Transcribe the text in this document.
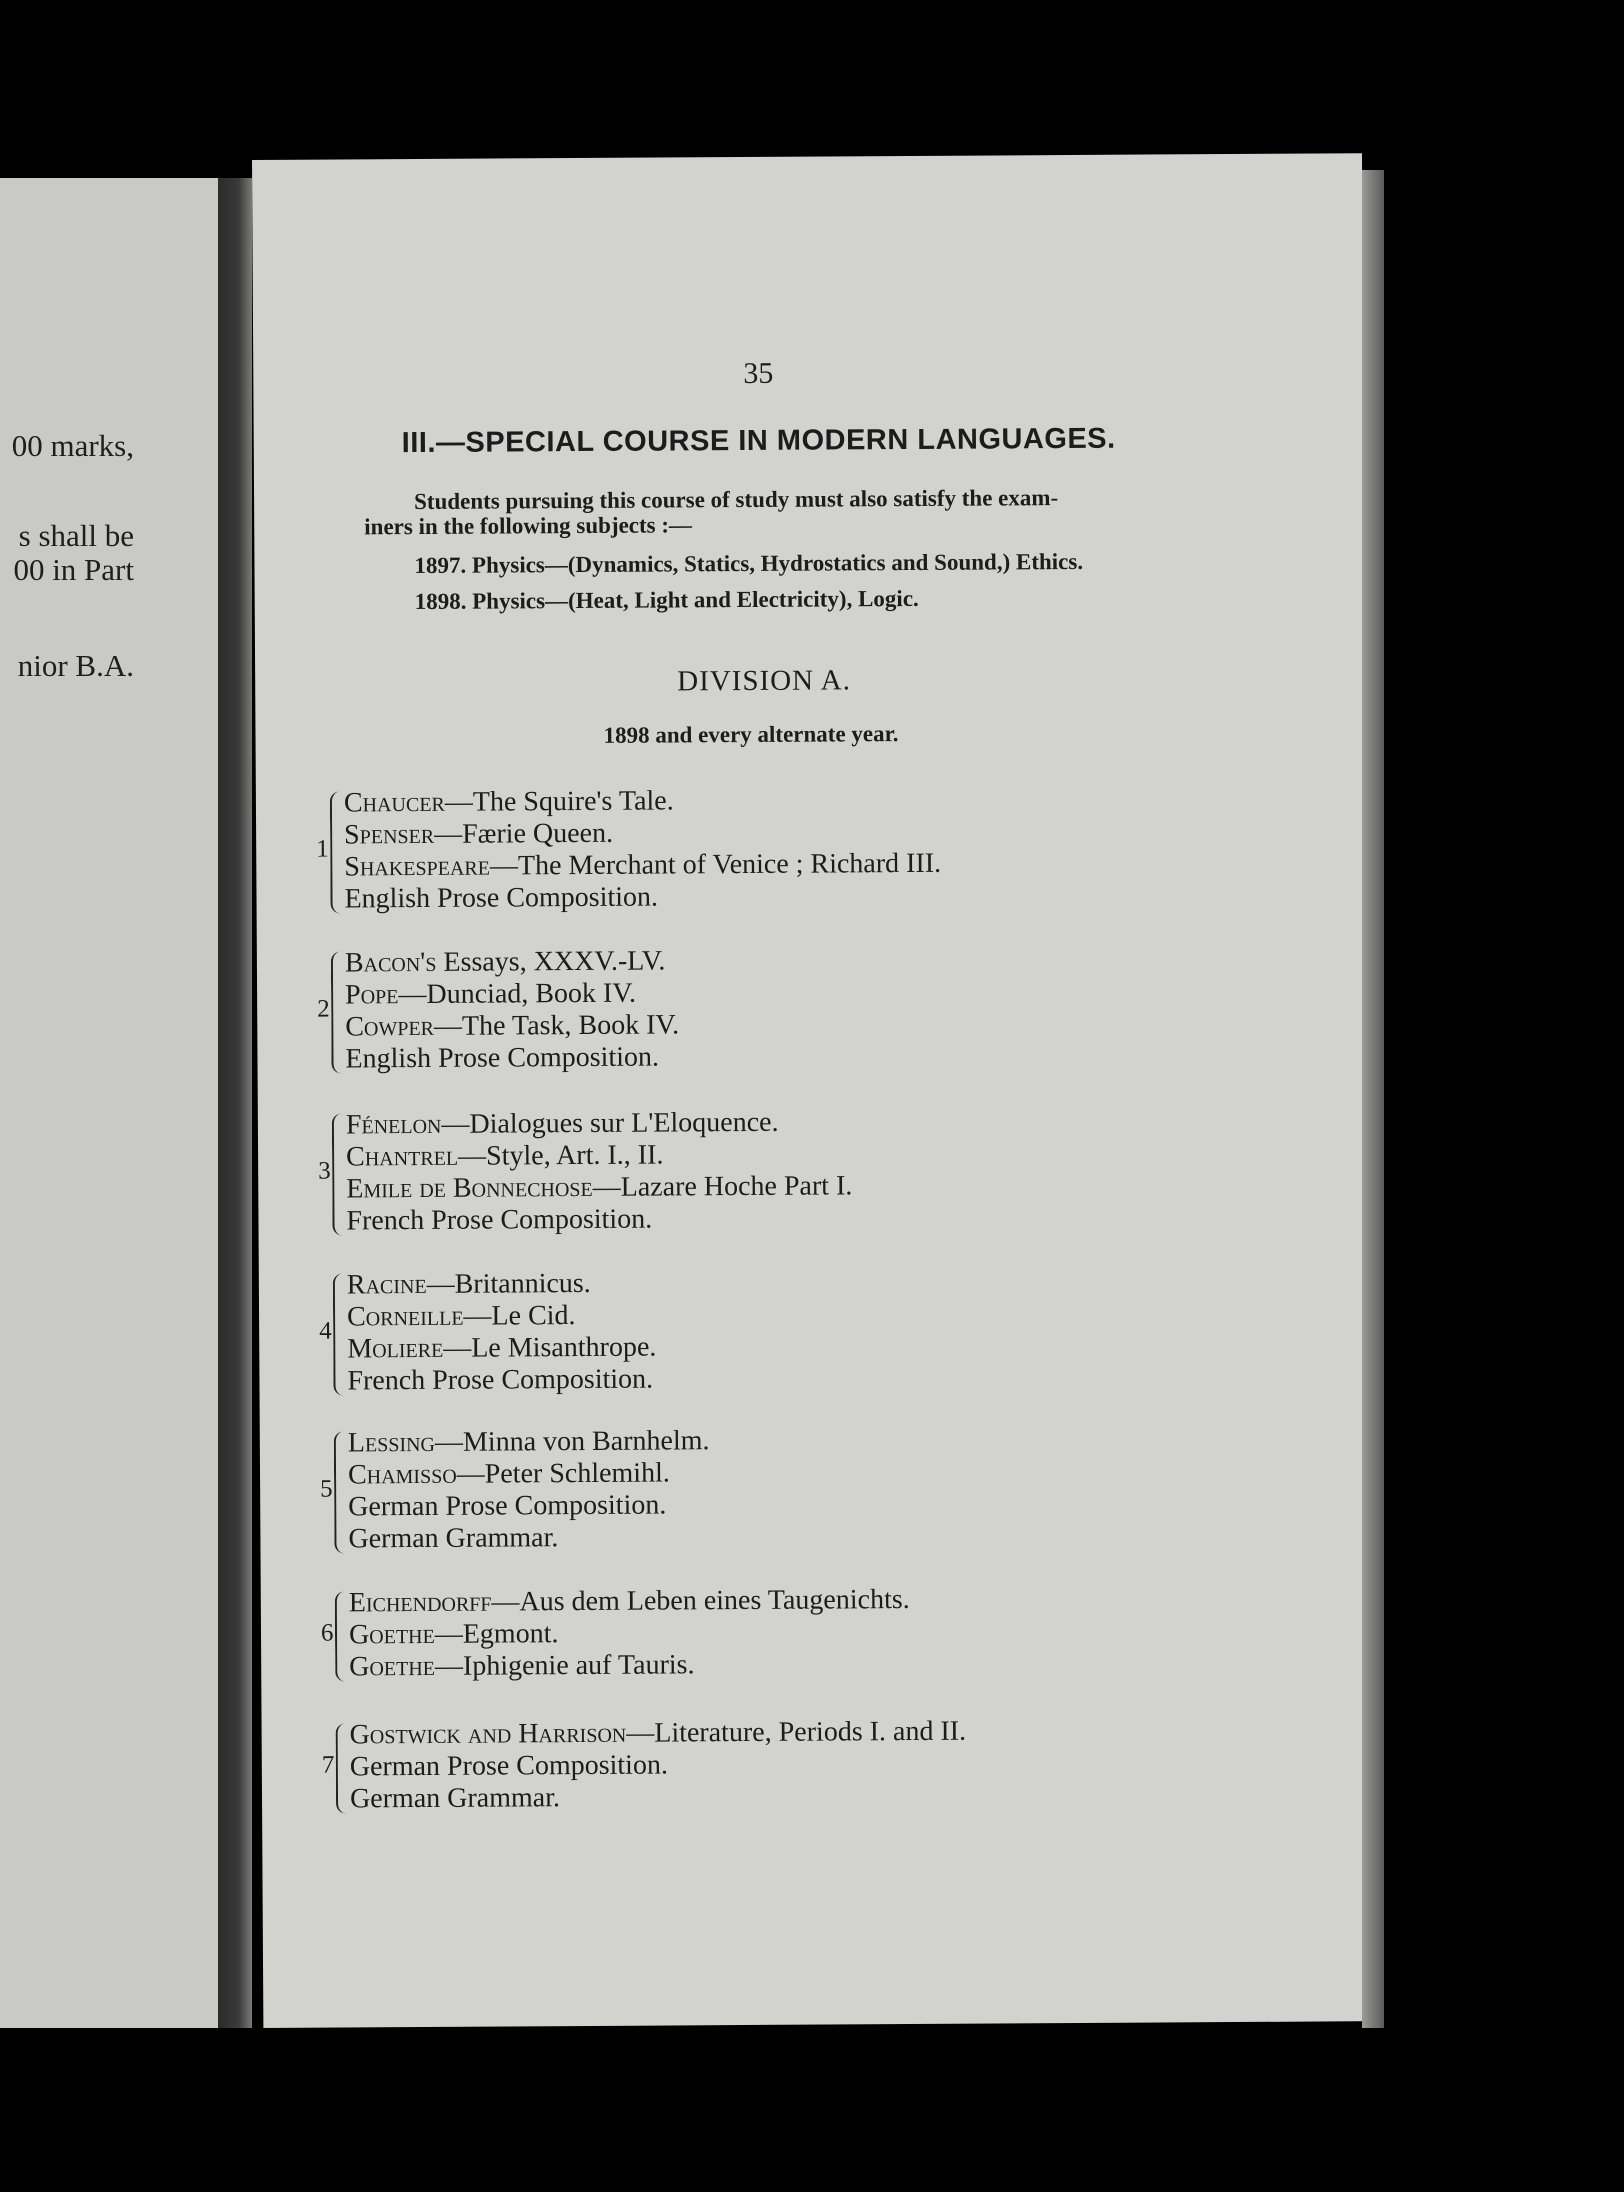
00 marks,
s shall be
00 in Part
nior B.A.
35
III.—SPECIAL COURSE IN MODERN LANGUAGES.
Students pursuing this course of study must also satisfy the exam-
iners in the following subjects :—
1897. Physics—(Dynamics, Statics, Hydrostatics and Sound,) Ethics.
1898. Physics—(Heat, Light and Electricity), Logic.
DIVISION A.
1898 and every alternate year.
1
Chaucer—The Squire's Tale.
Spenser—Færie Queen.
Shakespeare—The Merchant of Venice ; Richard III.
English Prose Composition.
2
Bacon's Essays, XXXV.-LV.
Pope—Dunciad, Book IV.
Cowper—The Task, Book IV.
English Prose Composition.
3
Fénelon—Dialogues sur L'Eloquence.
Chantrel—Style, Art. I., II.
Emile de Bonnechose—Lazare Hoche Part I.
French Prose Composition.
4
Racine—Britannicus.
Corneille—Le Cid.
Moliere—Le Misanthrope.
French Prose Composition.
5
Lessing—Minna von Barnhelm.
Chamisso—Peter Schlemihl.
German Prose Composition.
German Grammar.
6
Eichendorff—Aus dem Leben eines Taugenichts.
Goethe—Egmont.
Goethe—Iphigenie auf Tauris.
7
Gostwick and Harrison—Literature, Periods I. and II.
German Prose Composition.
German Grammar.
